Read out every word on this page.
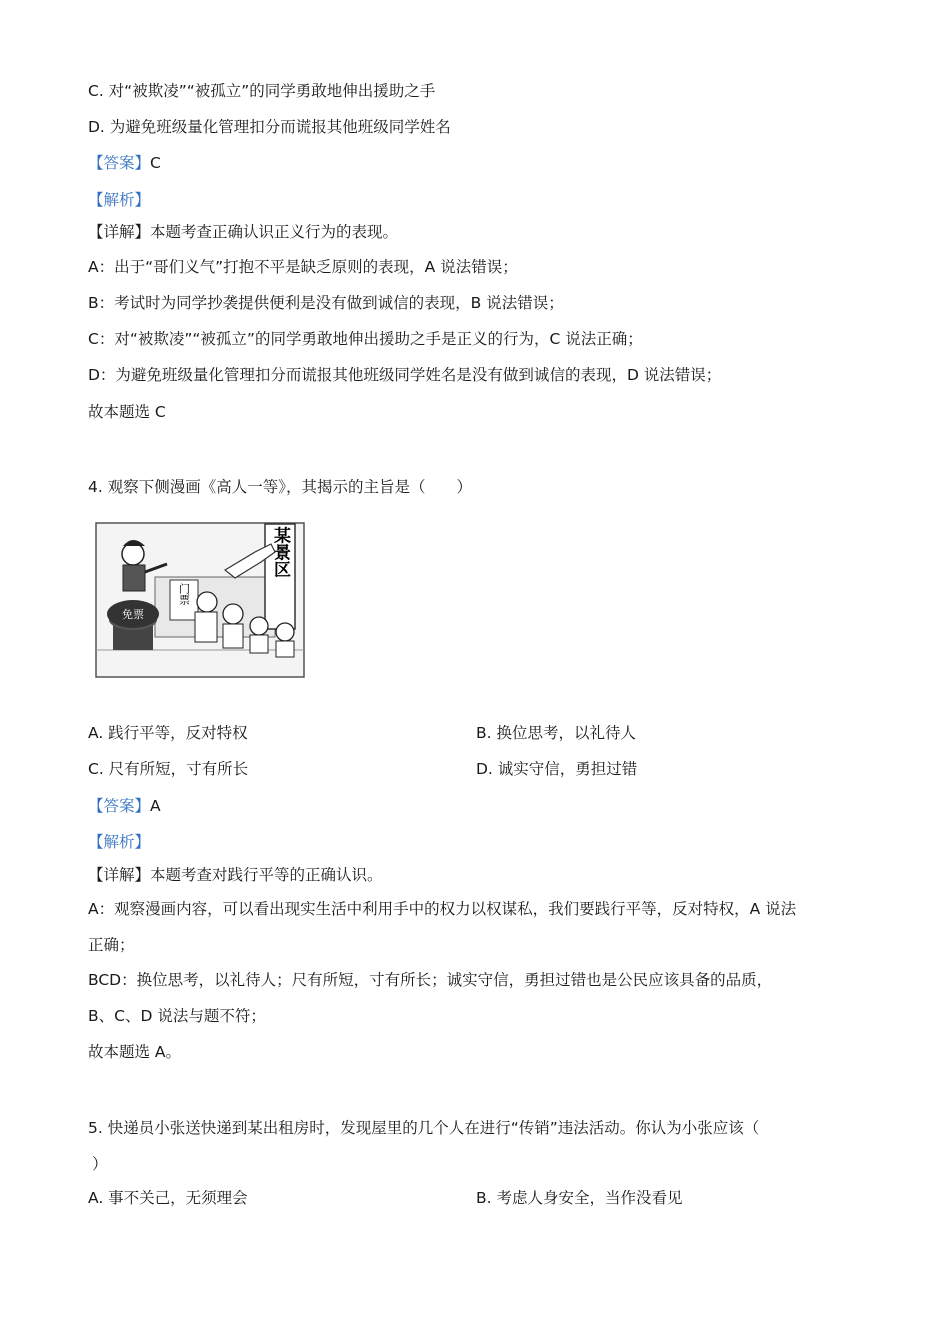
C. 对“被欺凌”“被孤立”的同学勇敢地伸出援助之手
D. 为避免班级量化管理扣分而谎报其他班级同学姓名
【答案】C
【解析】
【详解】本题考查正确认识正义行为的表现。
A：出于“哥们义气”打抱不平是缺乏原则的表现，A 说法错误；
B：考试时为同学抄袭提供便利是没有做到诚信的表现，B 说法错误；
C：对“被欺凌”“被孤立”的同学勇敢地伸出援助之手是正义的行为，C 说法正确；
D：为避免班级量化管理扣分而谎报其他班级同学姓名是没有做到诚信的表现，D 说法错误；
故本题选 C
4. 观察下侧漫画《高人一等》，其揭示的主旨是（　　）
某景区
免票
门票
A. 践行平等，反对特权	B. 换位思考，以礼待人
C. 尺有所短，寸有所长	D. 诚实守信，勇担过错
【答案】A
【解析】
【详解】本题考查对践行平等的正确认识。
A：观察漫画内容，可以看出现实生活中利用手中的权力以权谋私，我们要践行平等，反对特权，A 说法
正确；
BCD：换位思考，以礼待人；尺有所短，寸有所长；诚实守信，勇担过错也是公民应该具备的品质，
B、C、D 说法与题不符；
故本题选 A。
5. 快递员小张送快递到某出租房时，发现屋里的几个人在进行“传销”违法活动。你认为小张应该（
）
A. 事不关己，无须理会	B. 考虑人身安全，当作没看见
